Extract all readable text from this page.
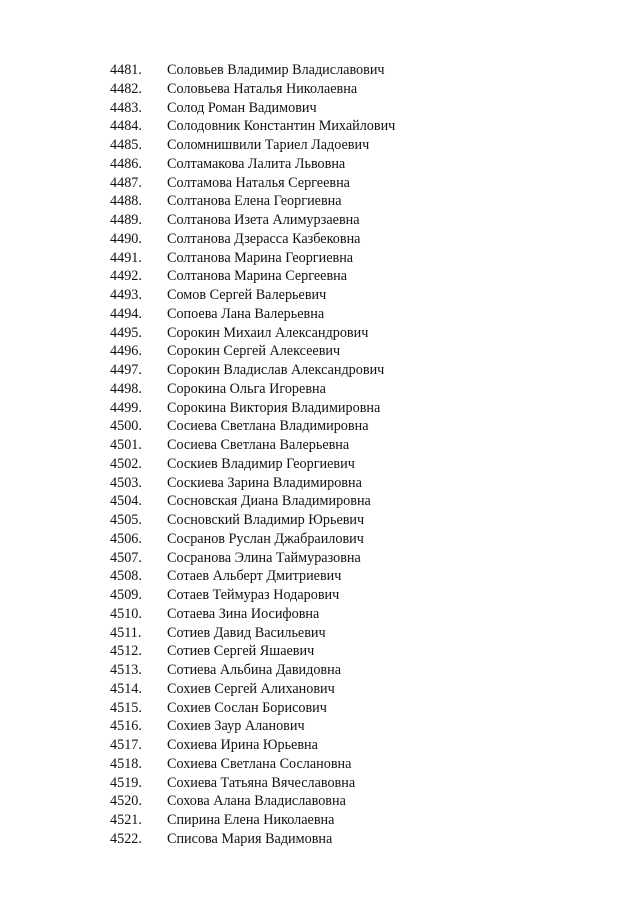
4481.	Соловьев Владимир Владиславович
4482.	Соловьева Наталья Николаевна
4483.	Солод Роман Вадимович
4484.	Солодовник Константин Михайлович
4485.	Соломнишвили Тариел Ладоевич
4486.	Солтамакова Лалита Львовна
4487.	Солтамова Наталья Сергеевна
4488.	Солтанова Елена Георгиевна
4489.	Солтанова Изета Алимурзаевна
4490.	Солтанова Дзерасса Казбековна
4491.	Солтанова Марина Георгиевна
4492.	Солтанова Марина Сергеевна
4493.	Сомов Сергей Валерьевич
4494.	Сопоева Лана Валерьевна
4495.	Сорокин Михаил Александрович
4496.	Сорокин Сергей Алексеевич
4497.	Сорокин Владислав Александрович
4498.	Сорокина Ольга Игоревна
4499.	Сорокина Виктория Владимировна
4500.	Сосиева Светлана Владимировна
4501.	Сосиева Светлана Валерьевна
4502.	Соскиев Владимир Георгиевич
4503.	Соскиева Зарина Владимировна
4504.	Сосновская Диана Владимировна
4505.	Сосновский Владимир Юрьевич
4506.	Сосранов Руслан Джабраилович
4507.	Сосранова Элина Таймуразовна
4508.	Сотаев Альберт Дмитриевич
4509.	Сотаев Теймураз Нодарович
4510.	Сотаева Зина Иосифовна
4511.	Сотиев Давид Васильевич
4512.	Сотиев Сергей Яшаевич
4513.	Сотиева Альбина Давидовна
4514.	Сохиев Сергей Алиханович
4515.	Сохиев Сослан Борисович
4516.	Сохиев Заур Аланович
4517.	Сохиева Ирина Юрьевна
4518.	Сохиева Светлана Сослановна
4519.	Сохиева Татьяна Вячеславовна
4520.	Сохова Алана Владиславовна
4521.	Спирина Елена Николаевна
4522.	Списова Мария Вадимовна
